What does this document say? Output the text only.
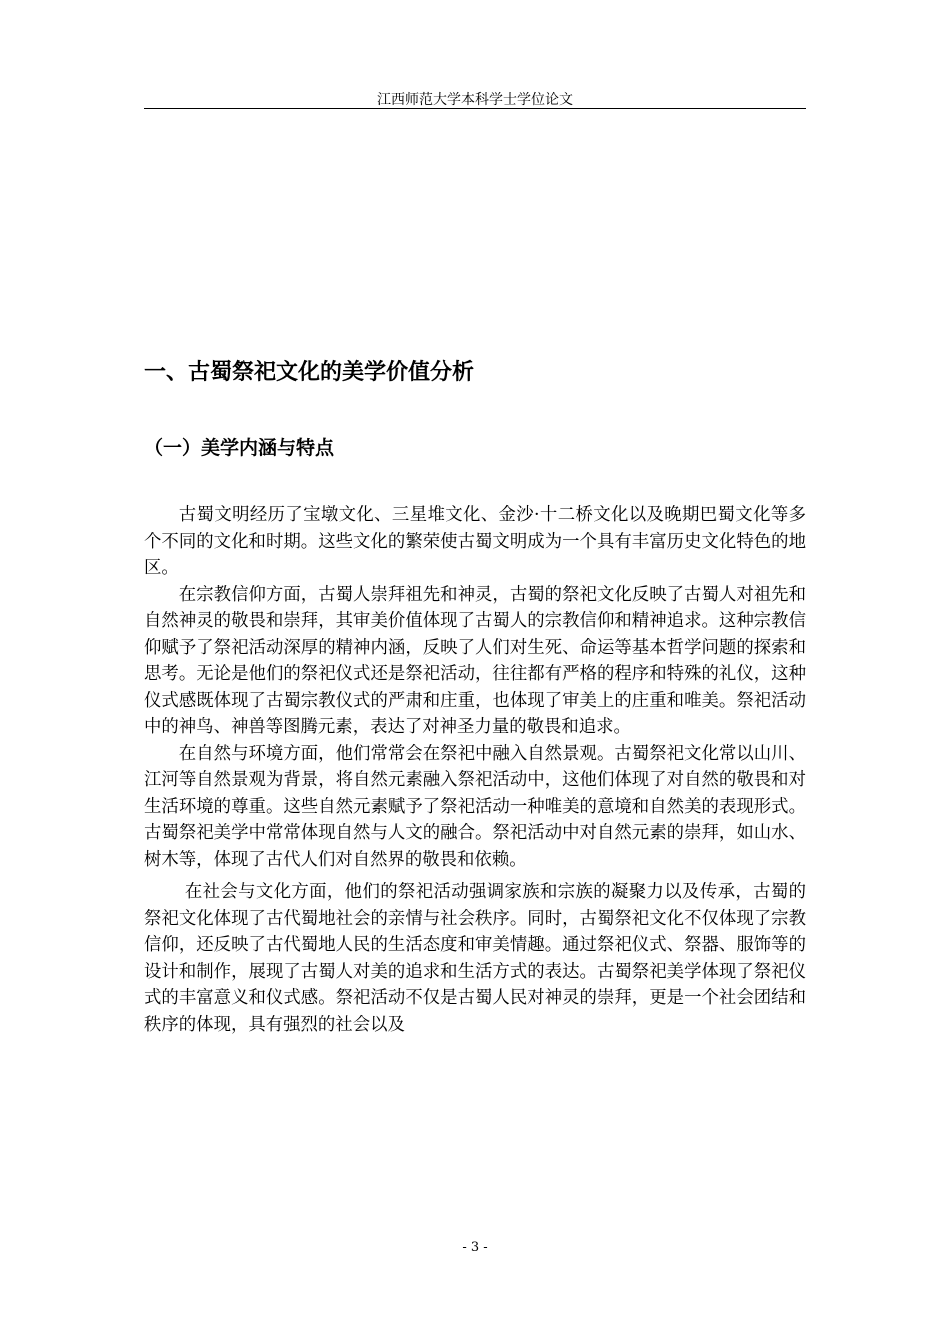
江西师范大学本科学士学位论文
一、古蜀祭祀文化的美学价值分析
（一）美学内涵与特点

古蜀文明经历了宝墩文化、三星堆文化、金沙·十二桥文化以及晚期巴蜀文化等多个不同的文化和时期。这些文化的繁荣使古蜀文明成为一个具有丰富历史文化特色的地区。

在宗教信仰方面，古蜀人崇拜祖先和神灵，古蜀的祭祀文化反映了古蜀人对祖先和自然神灵的敬畏和崇拜，其审美价值体现了古蜀人的宗教信仰和精神追求。这种宗教信仰赋予了祭祀活动深厚的精神内涵，反映了人们对生死、命运等基本哲学问题的探索和思考。无论是他们的祭祀仪式还是祭祀活动，往往都有严格的程序和特殊的礼仪，这种仪式感既体现了古蜀宗教仪式的严肃和庄重，也体现了审美上的庄重和唯美。祭祀活动中的神鸟、神兽等图腾元素，表达了对神圣力量的敬畏和追求。

在自然与环境方面，他们常常会在祭祀中融入自然景观。古蜀祭祀文化常以山川、江河等自然景观为背景，将自然元素融入祭祀活动中，这他们体现了对自然的敬畏和对生活环境的尊重。这些自然元素赋予了祭祀活动一种唯美的意境和自然美的表现形式。古蜀祭祀美学中常常体现自然与人文的融合。祭祀活动中对自然元素的崇拜，如山水、树木等，体现了古代人们对自然界的敬畏和依赖。

在社会与文化方面，他们的祭祀活动强调家族和宗族的凝聚力以及传承，古蜀的祭祀文化体现了古代蜀地社会的亲情与社会秩序。同时，古蜀祭祀文化不仅体现了宗教信仰，还反映了古代蜀地人民的生活态度和审美情趣。通过祭祀仪式、祭器、服饰等的设计和制作，展现了古蜀人对美的追求和生活方式的表达。古蜀祭祀美学体现了祭祀仪式的丰富意义和仪式感。祭祀活动不仅是古蜀人民对神灵的崇拜，更是一个社会团结和秩序的体现，具有强烈的社会以及

- 3 -
